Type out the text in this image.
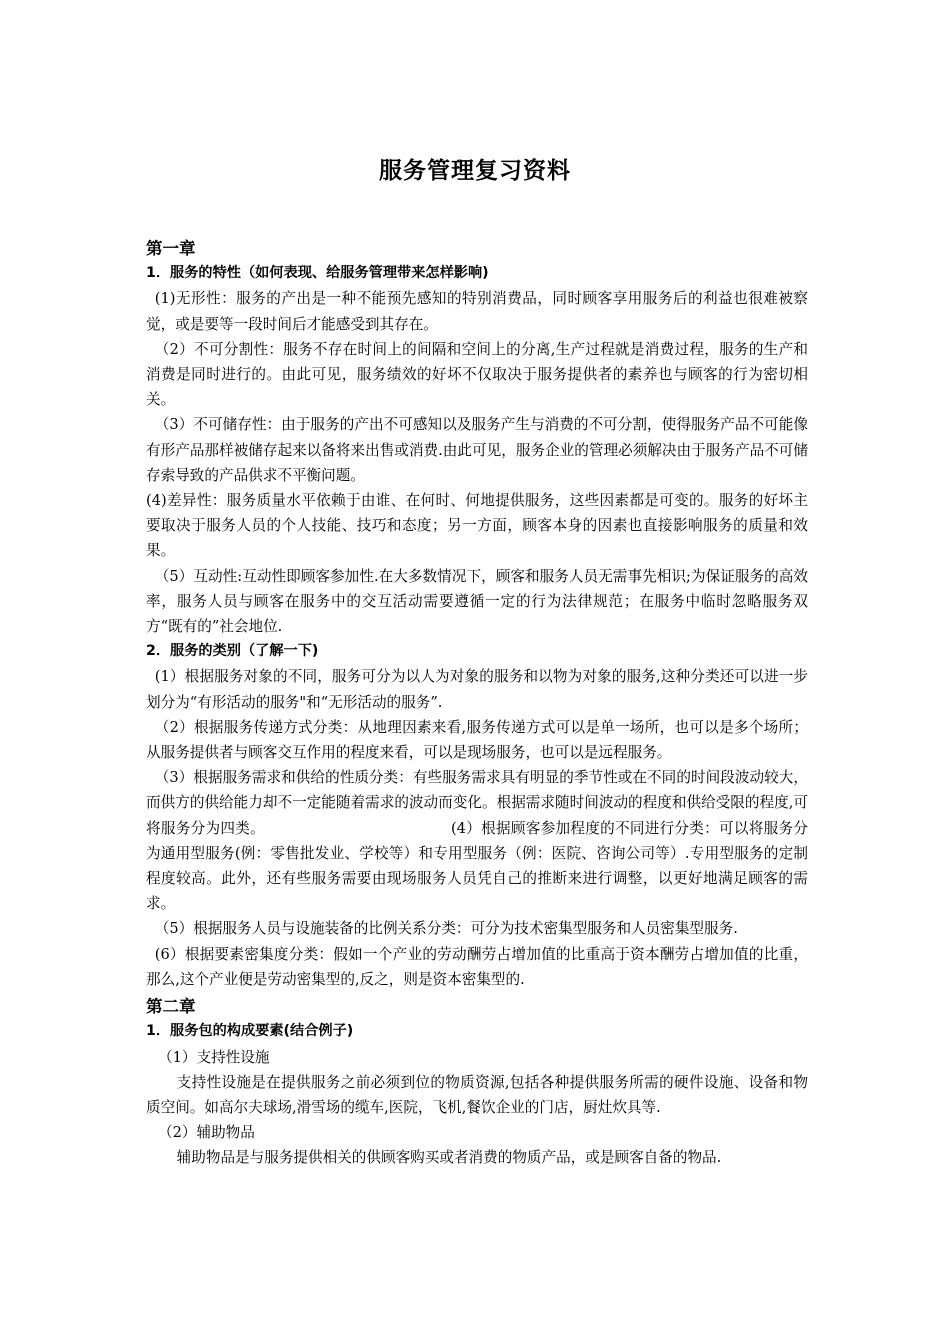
服务管理复习资料
第一章
1．服务的特性（如何表现、给服务管理带来怎样影响)

(1)无形性：服务的产出是一种不能预先感知的特别消费品，同时顾客享用服务后的利益也很难被察觉，或是要等一段时间后才能感受到其存在。

（2）不可分割性：服务不存在时间上的间隔和空间上的分离,生产过程就是消费过程，服务的生产和消费是同时进行的。由此可见，服务绩效的好坏不仅取决于服务提供者的素养也与顾客的行为密切相关。

（3）不可储存性：由于服务的产出不可感知以及服务产生与消费的不可分割，使得服务产品不可能像有形产品那样被储存起来以备将来出售或消费.由此可见，服务企业的管理必须解决由于服务产品不可储存索导致的产品供求不平衡问题。

(4)差异性：服务质量水平依赖于由谁、在何时、何地提供服务，这些因素都是可变的。服务的好坏主要取决于服务人员的个人技能、技巧和态度；另一方面，顾客本身的因素也直接影响服务的质量和效果。

（5）互动性:互动性即顾客参加性.在大多数情况下，顾客和服务人员无需事先相识;为保证服务的高效率，服务人员与顾客在服务中的交互活动需要遵循一定的行为法律规范；在服务中临时忽略服务双方“既有的”社会地位.

2．服务的类别（了解一下)

(1）根据服务对象的不同，服务可分为以人为对象的服务和以物为对象的服务,这种分类还可以进一步划分为“有形活动的服务"和“无形活动的服务”.

（2）根据服务传递方式分类：从地理因素来看,服务传递方式可以是单一场所，也可以是多个场所；从服务提供者与顾客交互作用的程度来看，可以是现场服务，也可以是远程服务。

（3）根据服务需求和供给的性质分类：有些服务需求具有明显的季节性或在不同的时间段波动较大，而供方的供给能力却不一定能随着需求的波动而变化。根据需求随时间波动的程度和供给受限的程度,可将服务分为四类。　　　　　　　　　　　　　(4）根据顾客参加程度的不同进行分类：可以将服务分为通用型服务(例：零售批发业、学校等）和专用型服务（例：医院、咨询公司等）.专用型服务的定制程度较高。此外，还有些服务需要由现场服务人员凭自己的推断来进行调整，以更好地满足顾客的需求。

（5）根据服务人员与设施装备的比例关系分类：可分为技术密集型服务和人员密集型服务.

(6）根据要素密集度分类：假如一个产业的劳动酬劳占增加值的比重高于资本酬劳占增加值的比重，那么,这个产业便是劳动密集型的,反之，则是资本密集型的.

第二章
1．服务包的构成要素(结合例子)

（1）支持性设施

支持性设施是在提供服务之前必须到位的物质资源,包括各种提供服务所需的硬件设施、设备和物质空间。如高尔夫球场,滑雪场的缆车,医院，飞机,餐饮企业的门店，厨灶炊具等.

（2）辅助物品

辅助物品是与服务提供相关的供顾客购买或者消费的物质产品，或是顾客自备的物品.
